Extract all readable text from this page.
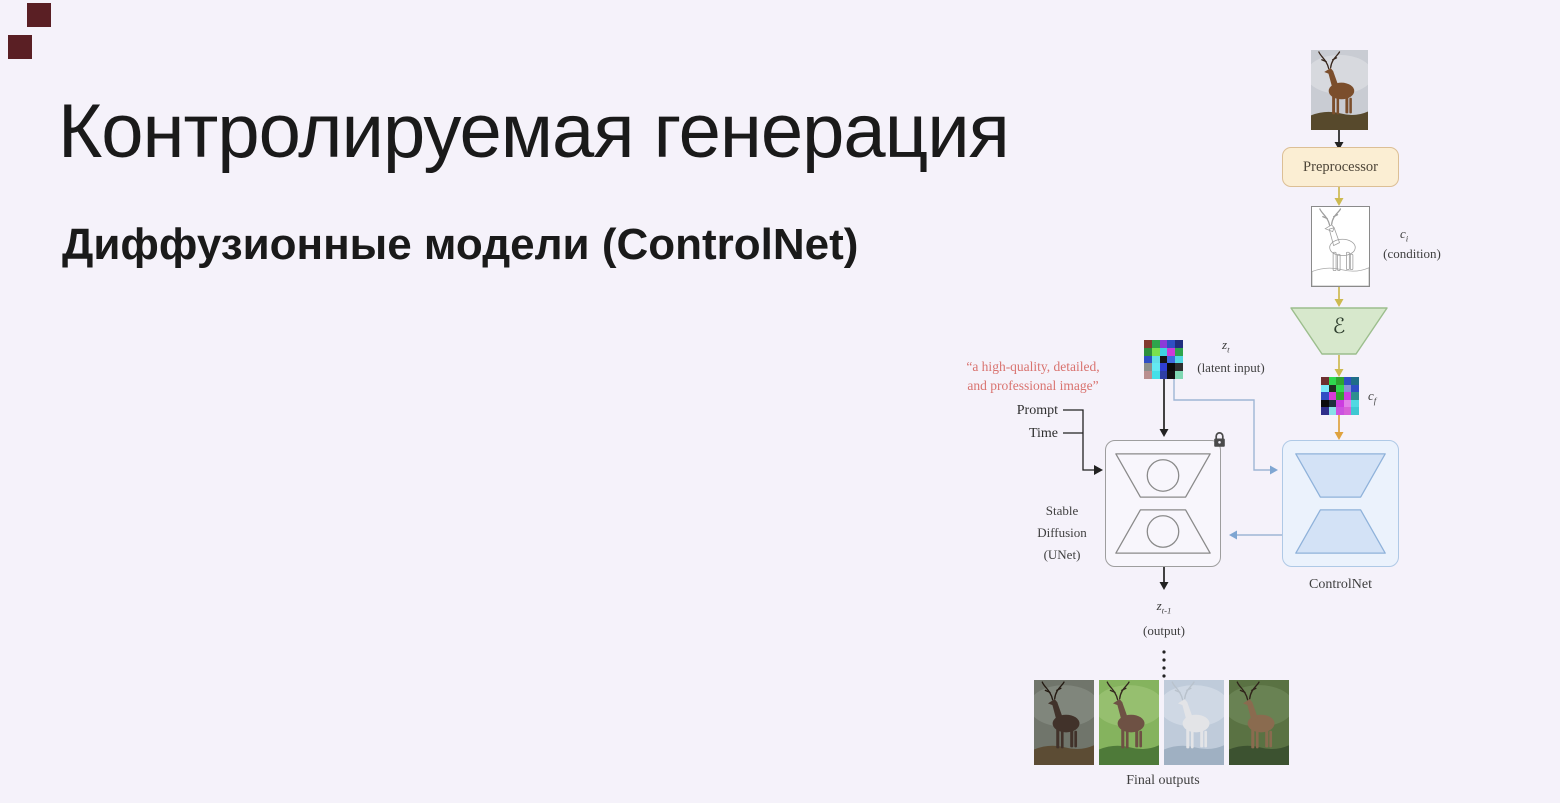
Контролируемая генерация
Диффузионные модели (ControlNet)
Preprocessor
$c_i$
(condition)
ℰ
$c_f$
$z_t$
(latent input)
“a high-quality, detailed,
and professional image”
Prompt
Time
Stable
Diffusion
(UNet)
ControlNet
$z_{t-1}$
(output)
Final outputs
